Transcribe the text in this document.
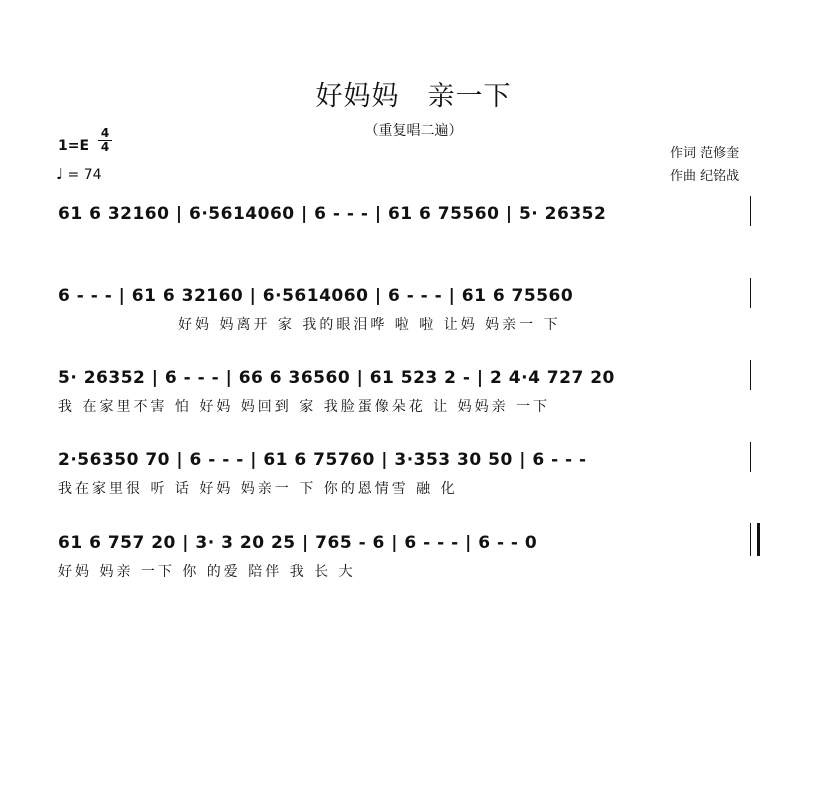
好妈妈　亲一下
（重复唱二遍）
1=E
4
4
♩ = 74
作词 范修奎
作曲 纪铭战
61 6 32160 | 6·5614060 | 6 - - - | 61 6 75560 | 5· 26352
6 - - - | 61 6 32160 | 6·5614060 | 6 - - - | 61 6 75560
好妈 妈离开 家 我的眼泪哗 啦 啦 让妈 妈亲一 下
5· 26352 | 6 - - - | 66 6 36560 | 61 523 2 - | 2 4·4 727 20
我 在家里不害 怕 好妈 妈回到 家 我脸蛋像朵花 让 妈妈亲 一下
2·56350 70 | 6 - - - | 61 6 75760 | 3·353 30 50 | 6 - - -
我在家里很 听 话 好妈 妈亲一 下 你的恩情雪 融 化
61 6 757 20 | 3· 3 20 25 | 765 - 6 | 6 - - - | 6 - - 0
好妈 妈亲 一下 你 的爱 陪伴 我 长 大
